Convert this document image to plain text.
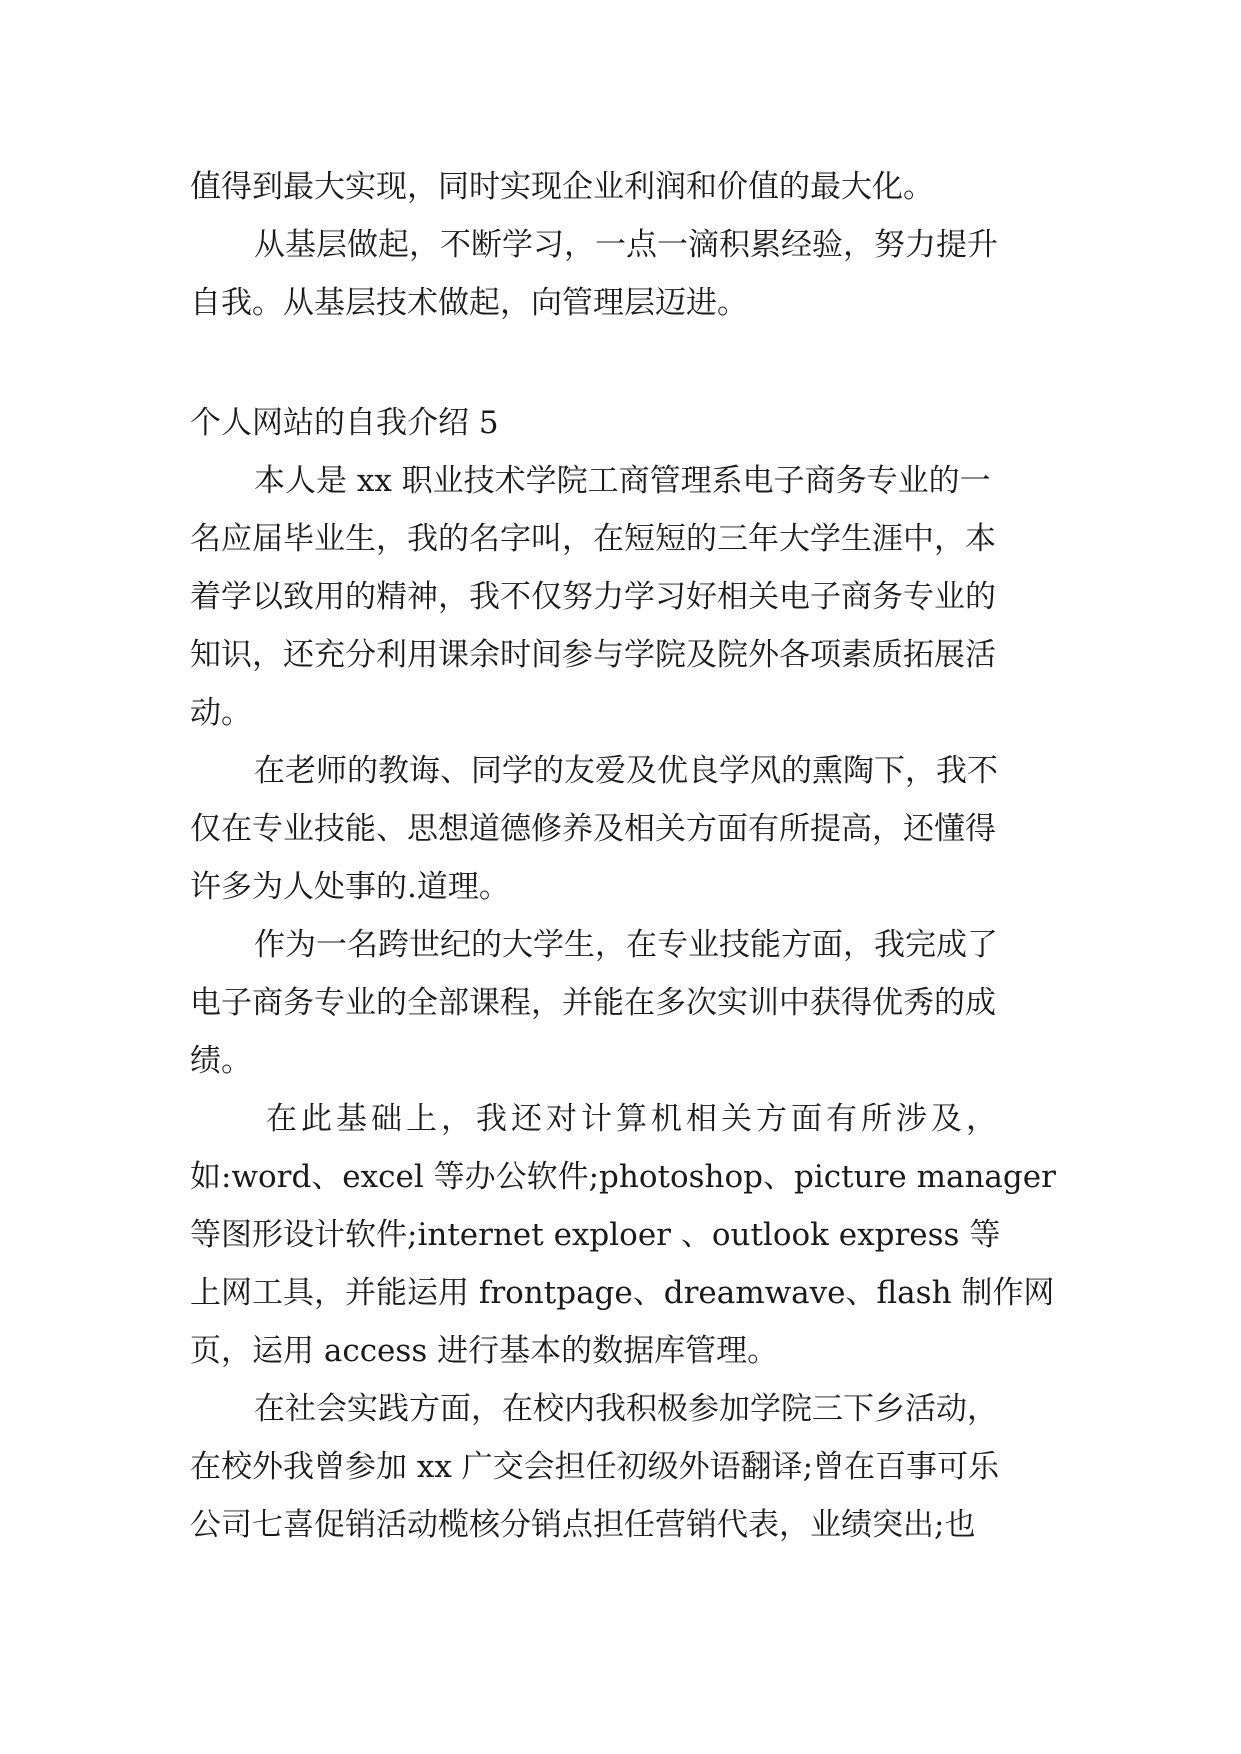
值得到最大实现，同时实现企业利润和价值的最大化。
从基层做起，不断学习，一点一滴积累经验，努力提升
自我。从基层技术做起，向管理层迈进。
个人网站的自我介绍 5
本人是 xx 职业技术学院工商管理系电子商务专业的一
名应届毕业生，我的名字叫，在短短的三年大学生涯中，本
着学以致用的精神，我不仅努力学习好相关电子商务专业的
知识，还充分利用课余时间参与学院及院外各项素质拓展活
动。
在老师的教诲、同学的友爱及优良学风的熏陶下，我不
仅在专业技能、思想道德修养及相关方面有所提高，还懂得
许多为人处事的.道理。
作为一名跨世纪的大学生，在专业技能方面，我完成了
电子商务专业的全部课程，并能在多次实训中获得优秀的成
绩。
在此基础上，我还对计算机相关方面有所涉及，
如:word、excel 等办公软件;photoshop、picture manager
等图形设计软件;internet exploer 、outlook express 等
上网工具，并能运用 frontpage、dreamwave、flash 制作网
页，运用 access 进行基本的数据库管理。
在社会实践方面，在校内我积极参加学院三下乡活动，
在校外我曾参加 xx 广交会担任初级外语翻译;曾在百事可乐
公司七喜促销活动榄核分销点担任营销代表，业绩突出;也
